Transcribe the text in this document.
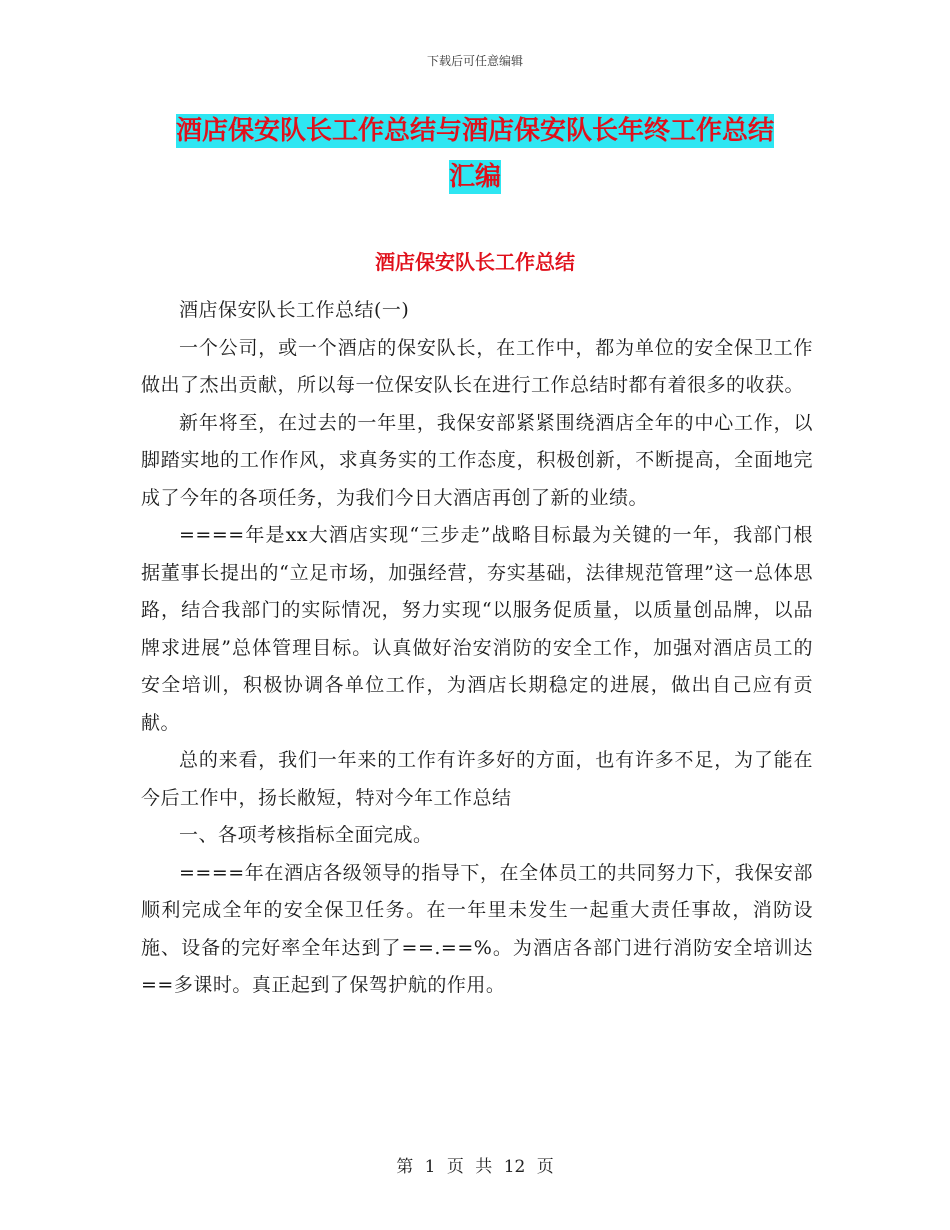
下载后可任意编辑
酒店保安队长工作总结与酒店保安队长年终工作总结
汇编
酒店保安队长工作总结

酒店保安队长工作总结(一)

一个公司，或一个酒店的保安队长，在工作中，都为单位的安全保卫工作做出了杰出贡献，所以每一位保安队长在进行工作总结时都有着很多的收获。

新年将至，在过去的一年里，我保安部紧紧围绕酒店全年的中心工作，以脚踏实地的工作作风，求真务实的工作态度，积极创新，不断提高，全面地完成了今年的各项任务，为我们今日大酒店再创了新的业绩。

====年是xx大酒店实现“三步走”战略目标最为关键的一年，我部门根据董事长提出的“立足市场，加强经营，夯实基础，法律规范管理”这一总体思路，结合我部门的实际情况，努力实现“以服务促质量，以质量创品牌，以品牌求进展”总体管理目标。认真做好治安消防的安全工作，加强对酒店员工的安全培训，积极协调各单位工作，为酒店长期稳定的进展，做出自己应有贡献。

总的来看，我们一年来的工作有许多好的方面，也有许多不足，为了能在今后工作中，扬长敝短，特对今年工作总结

一、各项考核指标全面完成。

====年在酒店各级领导的指导下，在全体员工的共同努力下，我保安部顺利完成全年的安全保卫任务。在一年里未发生一起重大责任事故，消防设施、设备的完好率全年达到了==.==%。为酒店各部门进行消防安全培训达==多课时。真正起到了保驾护航的作用。

第 1 页 共 12 页
